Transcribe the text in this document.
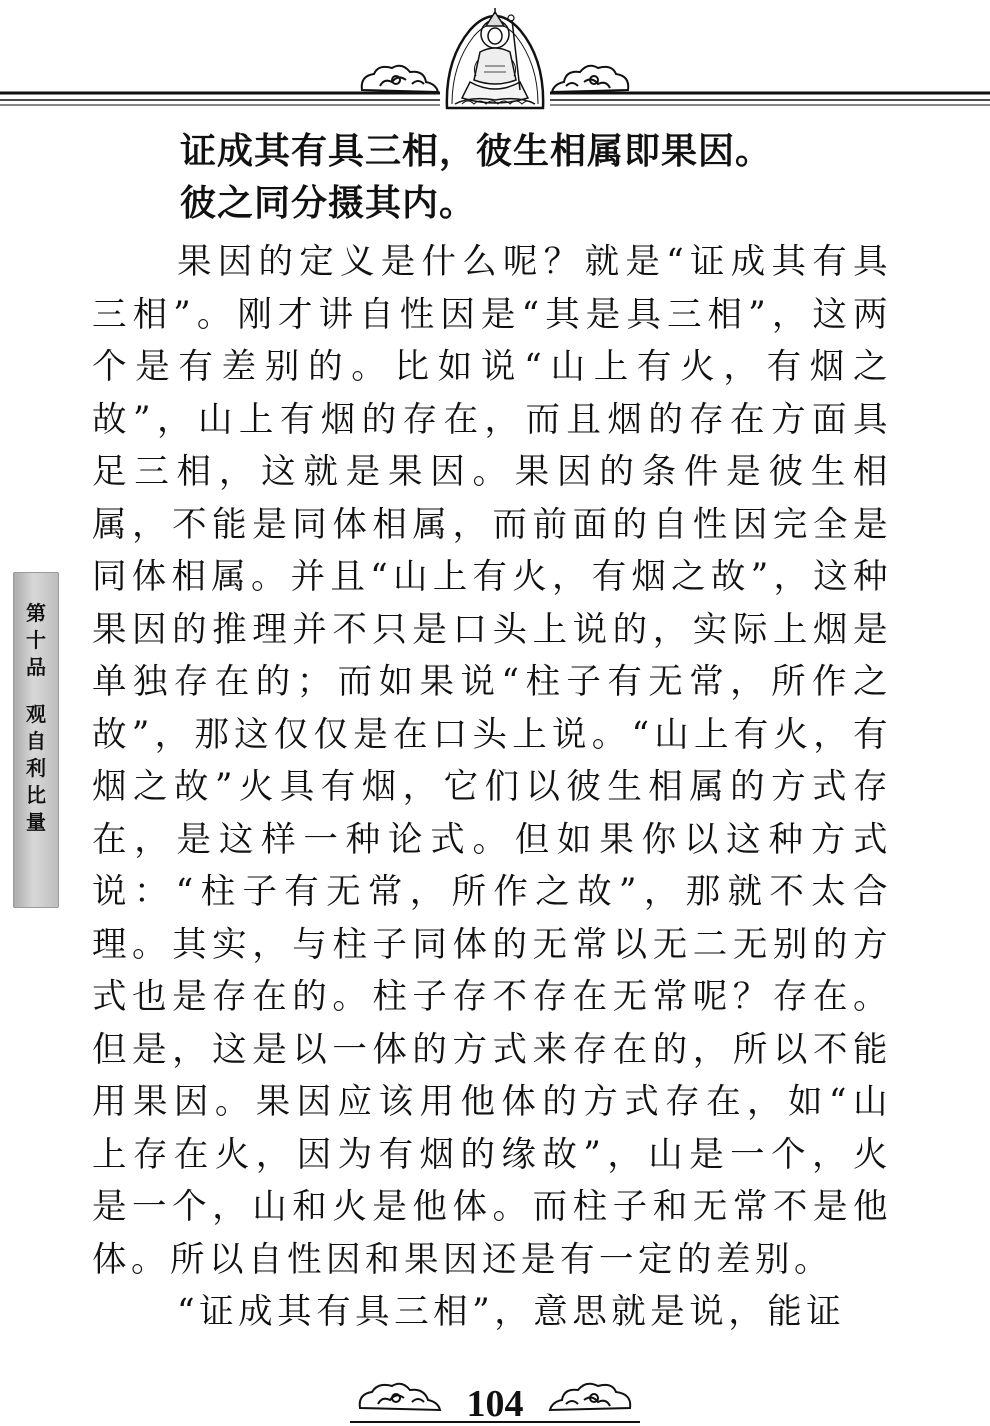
第
十
品
观
自
利
比
量
证成其有具三相，彼生相属即果因。
彼之同分摄其内。

果因的定义是什么呢？就是“证成其有具三相”。刚才讲自性因是“其是具三相”，这两个是有差别的。比如说“山上有火，有烟之故”，山上有烟的存在，而且烟的存在方面具足三相，这就是果因。果因的条件是彼生相属，不能是同体相属，而前面的自性因完全是同体相属。并且“山上有火，有烟之故”，这种果因的推理并不只是口头上说的，实际上烟是单独存在的；而如果说“柱子有无常，所作之故”，那这仅仅是在口头上说。“山上有火，有烟之故”火具有烟，它们以彼生相属的方式存在，是这样一种论式。但如果你以这种方式说：“柱子有无常，所作之故”，那就不太合理。其实，与柱子同体的无常以无二无别的方式也是存在的。柱子存不存在无常呢？存在。但是，这是以一体的方式来存在的，所以不能用果因。果因应该用他体的方式存在，如“山上存在火，因为有烟的缘故”，山是一个，火是一个，山和火是他体。而柱子和无常不是他体。所以自性因和果因还是有一定的差别。

“证成其有具三相”，意思就是说，能证

104
